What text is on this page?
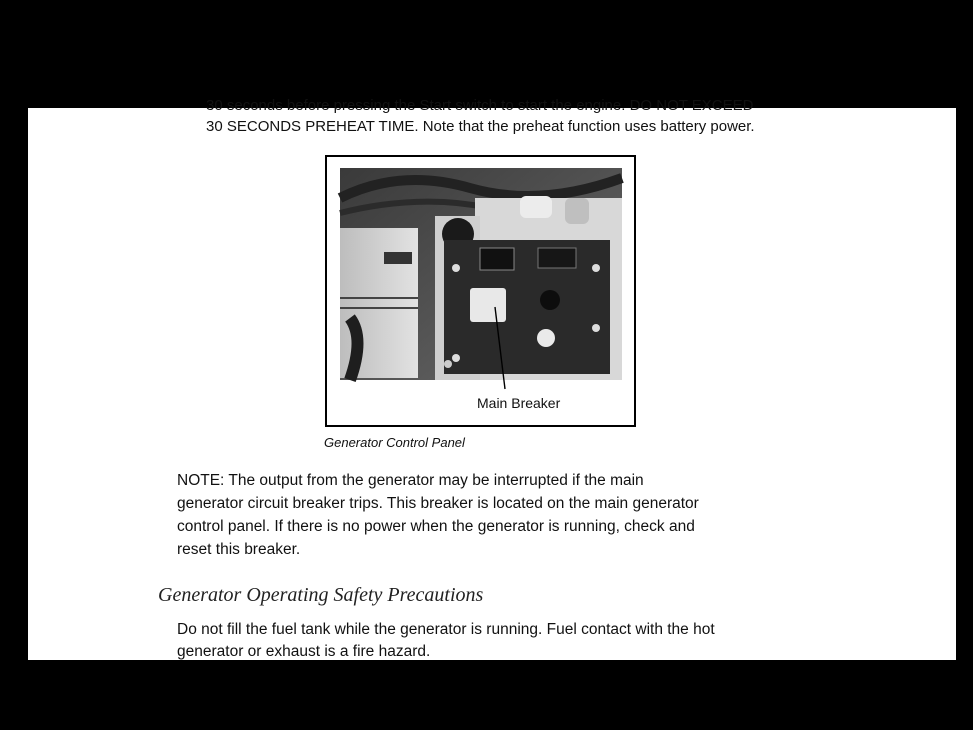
30 seconds before pressing the Start switch to start the engine. DO NOT EXCEED
30 SECONDS PREHEAT TIME. Note that the preheat function uses battery power.
Main Breaker
Generator Control Panel

NOTE: The output from the generator may be interrupted if the main

generator circuit breaker trips. This breaker is located on the main generator

control panel. If there is no power when the generator is running, check and

reset this breaker.

Generator Operating Safety Precautions

Do not fill the fuel tank while the generator is running. Fuel contact with the hot

generator or exhaust is a fire hazard.
